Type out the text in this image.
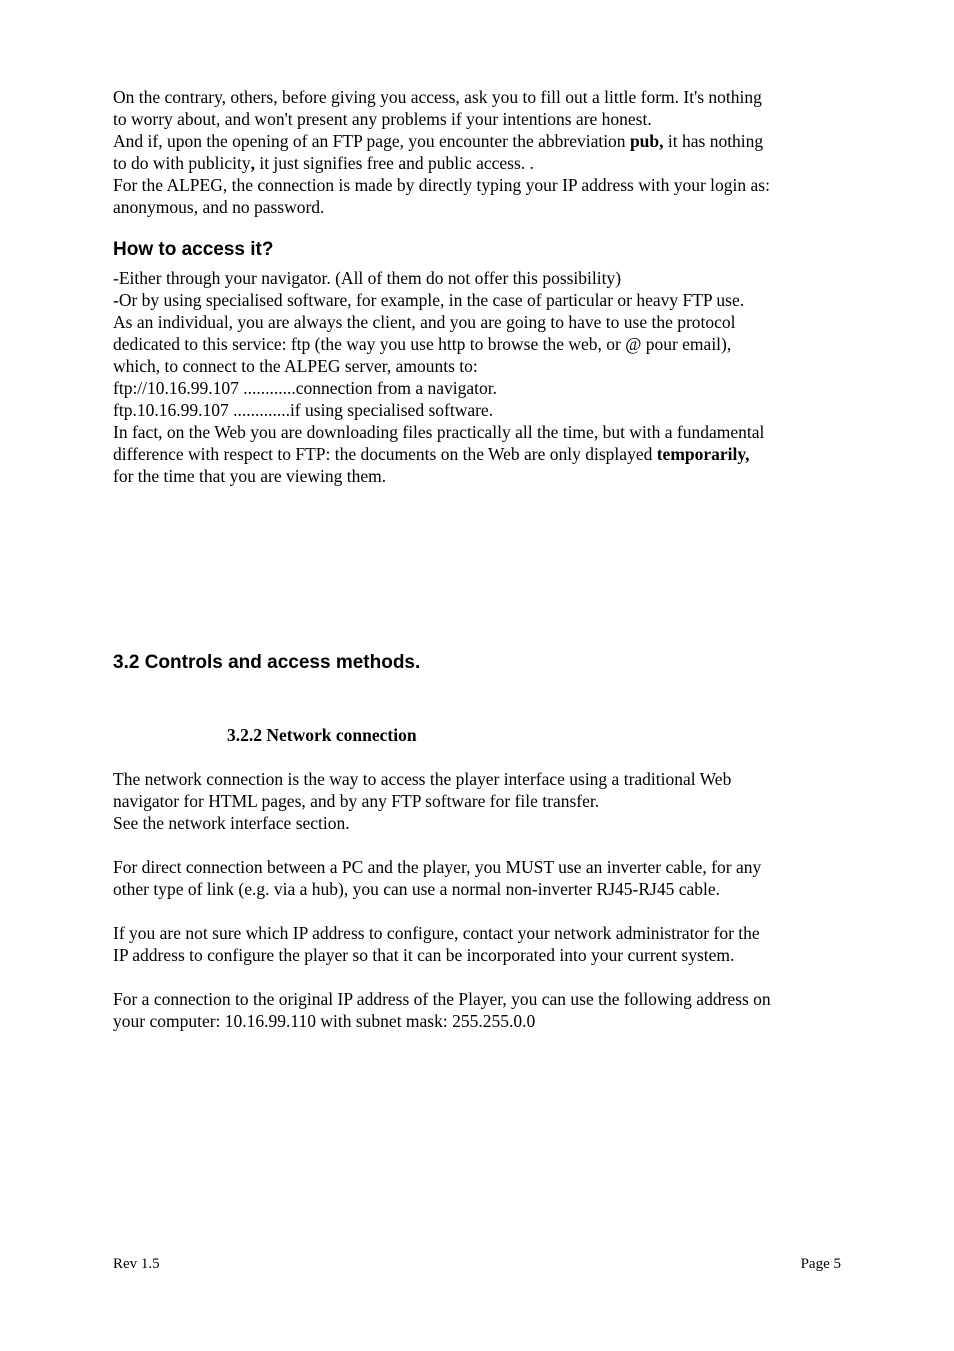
On the contrary, others, before giving you access, ask you to fill out a little form. It's nothing
to worry about, and won't present any problems if your intentions are honest.
And if, upon the opening of an FTP page, you encounter the abbreviation pub, it has nothing
to do with publicity, it just signifies free and public access. .
For the ALPEG, the connection is made by directly typing your IP address with your login as:
anonymous, and no password.
How to access it?
-Either through your navigator. (All of them do not offer this possibility)
-Or by using specialised software, for example, in the case of particular or heavy FTP use.
As an individual, you are always the client, and you are going to have to use the protocol
dedicated to this service: ftp (the way you use http to browse the web, or @ pour email),
which, to connect to the ALPEG server, amounts to:
ftp://10.16.99.107 ............connection from a navigator.
ftp.10.16.99.107 .............if using specialised software.
In fact, on the Web you are downloading files practically all the time, but with a fundamental
difference with respect to FTP: the documents on the Web are only displayed temporarily,
for the time that you are viewing them.
3.2 Controls and access methods.
3.2.2 Network connection
The network connection is the way to access the player interface using a traditional Web
navigator for HTML pages, and by any FTP software for file transfer.
See the network interface section.
For direct connection between a PC and the player, you MUST use an inverter cable, for any
other type of link (e.g. via a hub), you can use a normal non-inverter RJ45-RJ45 cable.
If you are not sure which IP address to configure, contact your network administrator for the
IP address to configure the player so that it can be incorporated into your current system.
For a connection to the original IP address of the Player, you can use the following address on
your computer: 10.16.99.110 with subnet mask: 255.255.0.0

Rev 1.5	Page 5
